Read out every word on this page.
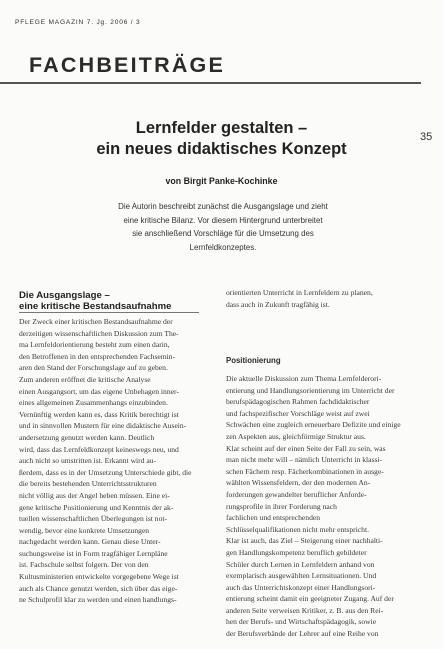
PFLEGE MAGAZIN 7. Jg. 2006 / 3
FACHBEITRÄGE
35
Lernfelder gestalten –
ein neues didaktisches Konzept
von Birgit Panke-Kochinke
Die Autorin beschreibt zunächst die Ausgangslage und zieht
eine kritische Bilanz. Vor diesem Hintergrund unterbreitet
sie anschließend Vorschläge für die Umsetzung des
Lernfeldkonzeptes.
Die Ausgangslage –
eine kritische Bestandsaufnahme
Der Zweck einer kritischen Bestandsaufnahme der
derzeitigen wissenschaftlichen Diskussion zum The-
ma Lernfeldorientierung besteht zum einen darin,
den Betroffenen in den entsprechenden Fachsemin-
aren den Stand der Forschungslage auf zu geben.
Zum anderen eröffnet die kritische Analyse
einen Ausgangsort, um das eigene Unbehagen inner-
eines allgemeinen Zusammenhangs einzubinden.
Vernünftig werden kann es, dass Kritik berechtigt ist
und in sinnvollen Mustern für eine didaktische Ausein-
andersetzung genutzt werden kann. Deutlich
wird, dass das Lernfeldkonzept keineswegs neu, und
auch nicht so umstritten ist. Erkannt wird au-
ßerdem, dass es in der Umsetzung Unterschiede gibt, die
die bereits bestehenden Unterrichtsstrukturen
nicht völlig aus der Angel heben müssen. Eine ei-
gene kritische Positionierung und Kenntnis der ak-
tuellen wissenschaftlichen Überlegungen ist not-
wendig, bevor eine konkrete Umsetzungen
nachgedacht werden kann. Genau diese Unter-
suchungsweise ist in Form tragfähiger Lernpläne
ist. Fachschule selbst folgern. Der von den
Kultusministerien entwickelte vorgegebene Wege ist
auch als Chance genutzt werden, sich über das eige-
ne Schulprofil klar zu werden und einen handlungs-
orientierten Unterricht in Lernfeldern zu planen,
dass auch in Zukunft tragfähig ist.
Positionierung
Die aktuelle Diskussion zum Thema Lernfelderori-
entierung und Handlungsorientierung im Unterricht der
berufspädagogischen Rahmen fachdidaktischer
und fachspezifischer Vorschläge weist auf zwei
Schwächen eine zugleich erneuerbare Defizite und einige
zen Aspekten aus, gleichförmige Struktur aus.
Klar scheint auf der einen Seite der Fall zu sein, was
man nicht mehr will – nämlich Unterricht in klassi-
schen Fächern resp. Fächerkombinationen in ausge-
wählten Wissensfeldern, der den modernen An-
forderungen gewandelter beruflicher Anforde-
rungsprofile in ihrer Forderung nach
fachlichen und entsprechenden
Schlüsselqualifikationen nicht mehr entspricht.
Klar ist auch, das Ziel – Steigerung einer nachhalti-
gen Handlungskompetenz beruflich gebildeter
Schüler durch Lernen in Lernfeldern anhand von
exemplarisch ausgewählten Lernsituationen. Und
auch das Unterrichtskonzept einer Handlungsori-
entierung scheint damit ein geeigneter Zugang. Auf der
anderen Seite verweisen Kritiker, z. B. aus den Rei-
hen der Berufs- und Wirtschaftspädagogik, sowie
der Berufsverbände der Lehrer auf eine Reihe von
